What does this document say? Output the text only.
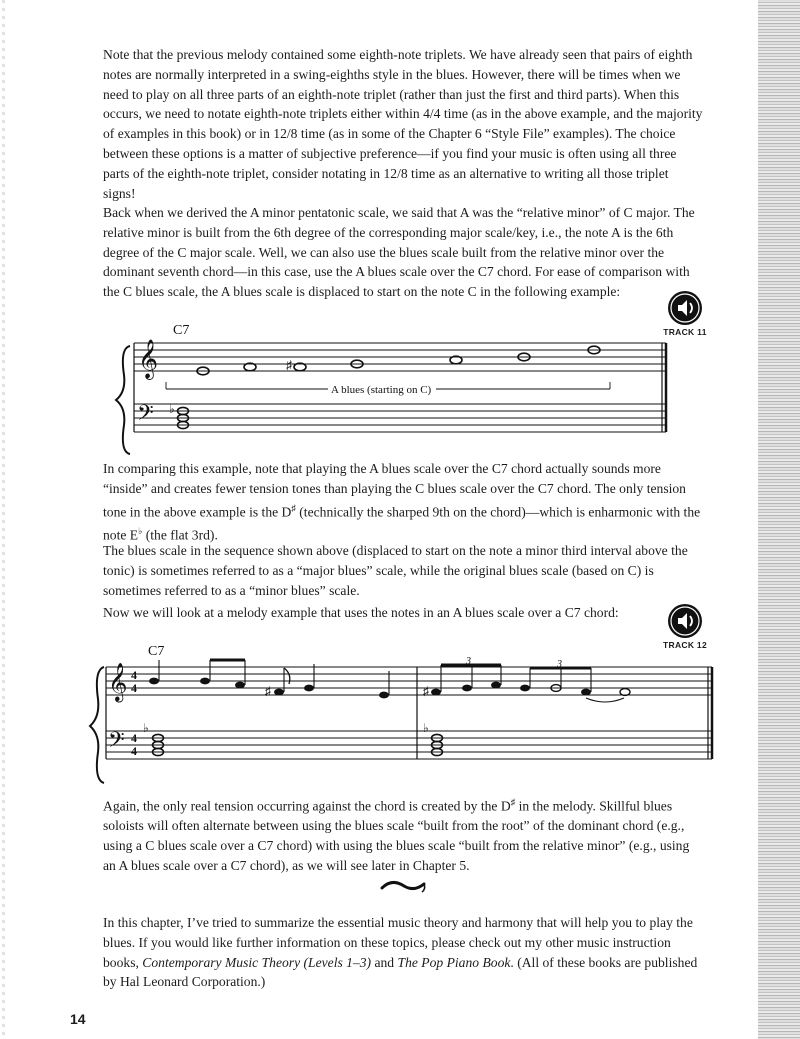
Note that the previous melody contained some eighth-note triplets. We have already seen that pairs of eighth notes are normally interpreted in a swing-eighths style in the blues. However, there will be times when we need to play on all three parts of an eighth-note triplet (rather than just the first and third parts). When this occurs, we need to notate eighth-note triplets either within 4/4 time (as in the above example, and the majority of examples in this book) or in 12/8 time (as in some of the Chapter 6 “Style File” examples). The choice between these options is a matter of subjective preference—if you find your music is often using all three parts of the eighth-note triplet, consider notating in 12/8 time as an alternative to writing all those triplet signs!

Back when we derived the A minor pentatonic scale, we said that A was the “relative minor” of C major. The relative minor is built from the 6th degree of the corresponding major scale/key, i.e., the note A is the 6th degree of the C major scale. Well, we can also use the blues scale built from the relative minor over the dominant seventh chord—in this case, use the A blues scale over the C7 chord. For ease of comparison with the C blues scale, the A blues scale is displaced to start on the note C in the following example:

TRACK 11
C7
𝄞
𝄢
♯
A blues (starting on C)
♭
C7
𝄞
𝄢
4
4
4
4
♯	♯
3	3
♭	♭

In comparing this example, note that playing the A blues scale over the C7 chord actually sounds more “inside” and creates fewer tension tones than playing the C blues scale over the C7 chord. The only tension tone in the above example is the D♯ (technically the sharped 9th on the chord)—which is enharmonic with the note E♭ (the flat 3rd).

The blues scale in the sequence shown above (displaced to start on the note a minor third interval above the tonic) is sometimes referred to as a “major blues” scale, while the original blues scale (based on C) is sometimes referred to as a “minor blues” scale.

Now we will look at a melody example that uses the notes in an A blues scale over a C7 chord:

TRACK 12

Again, the only real tension occurring against the chord is created by the D♯ in the melody. Skillful blues soloists will often alternate between using the blues scale “built from the root” of the dominant chord (e.g., using a C blues scale over a C7 chord) with using the blues scale “built from the relative minor” (e.g., using an A blues scale over a C7 chord), as we will see later in Chapter 5.

In this chapter, I’ve tried to summarize the essential music theory and harmony that will help you to play the blues. If you would like further information on these topics, please check out my other music instruction books, Contemporary Music Theory (Levels 1–3) and The Pop Piano Book. (All of these books are published by Hal Leonard Corporation.)

14
